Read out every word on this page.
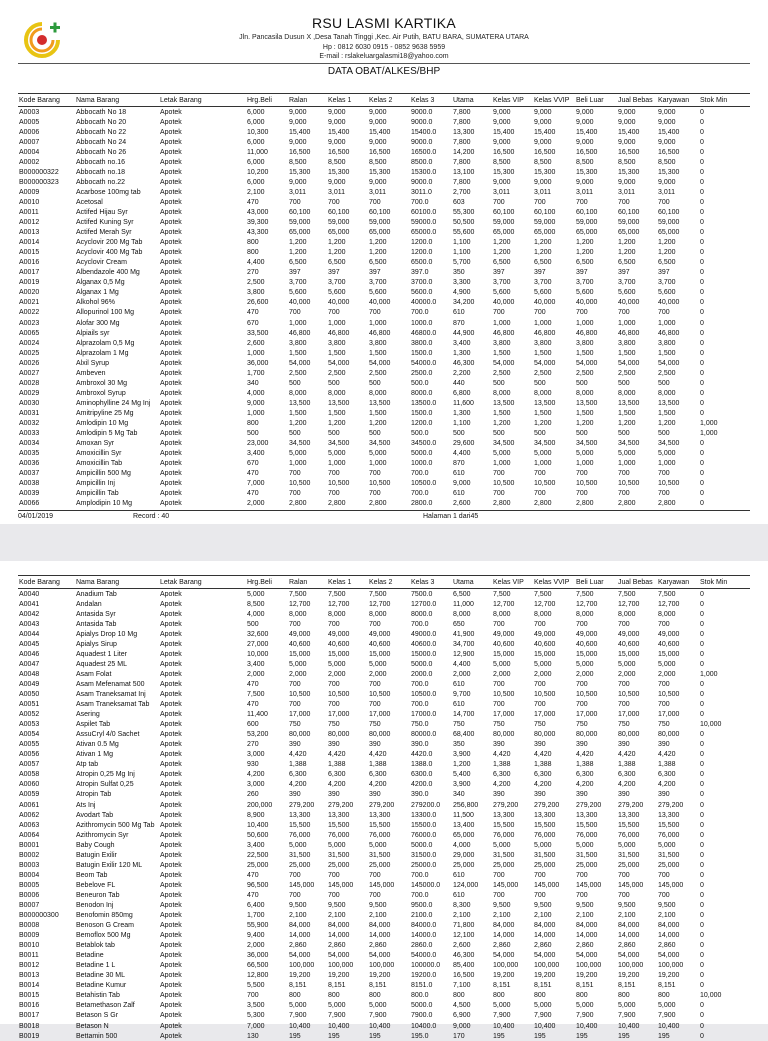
RSU LASMI KARTIKA
Jln. Pancasila Dusun X ,Desa Tanah Tinggi ,Kec. Air Putih, BATU BARA, SUMATERA UTARA
Hp : 0812 6030 0915 - 0852 9638 5959
E-mail : rslakeluargalasmi18@yahoo.com
DATA OBAT/ALKES/BHP
Kode Barang	Nama Barang	Letak Barang	Hrg.Beli	Ralan	Kelas 1	Kelas 2	Kelas 3	Utama	Kelas VIP	Kelas VVIP	Beli Luar	Jual Bebas	Karyawan	Stok Min
A0003	Abbocath No 18	Apotek	6,000	9,000	9,000	9,000	9000.0	7,800	9,000	9,000	9,000	9,000	9,000	0
A0005	Abbocath No 20	Apotek	6,000	9,000	9,000	9,000	9000.0	7,800	9,000	9,000	9,000	9,000	9,000	0
A0006	Abbocath No 22	Apotek	10,300	15,400	15,400	15,400	15400.0	13,300	15,400	15,400	15,400	15,400	15,400	0
A0007	Abbocath No 24	Apotek	6,000	9,000	9,000	9,000	9000.0	7,800	9,000	9,000	9,000	9,000	9,000	0
A0004	Abbocath No 26	Apotek	11,000	16,500	16,500	16,500	16500.0	14,200	16,500	16,500	16,500	16,500	16,500	0
A0002	Abbocath no.16	Apotek	6,000	8,500	8,500	8,500	8500.0	7,800	8,500	8,500	8,500	8,500	8,500	0
B000000322	Abbocath no.18	Apotek	10,200	15,300	15,300	15,300	15300.0	13,100	15,300	15,300	15,300	15,300	15,300	0
B000000323	Abbocath no.22	Apotek	6,000	9,000	9,000	9,000	9000.0	7,800	9,000	9,000	9,000	9,000	9,000	0
A0009	Acarbose 100mg tab	Apotek	2,100	3,011	3,011	3,011	3011.0	2,700	3,011	3,011	3,011	3,011	3,011	0
A0010	Acetosal	Apotek	470	700	700	700	700.0	603	700	700	700	700	700	0
A0011	Actifed Hijau Syr	Apotek	43,000	60,100	60,100	60,100	60100.0	55,300	60,100	60,100	60,100	60,100	60,100	0
A0012	Actifed Kuning Syr	Apotek	39,300	59,000	59,000	59,000	59000.0	50,500	59,000	59,000	59,000	59,000	59,000	0
A0013	Actifed Merah Syr	Apotek	43,300	65,000	65,000	65,000	65000.0	55,600	65,000	65,000	65,000	65,000	65,000	0
A0014	Acyclovir 200 Mg Tab	Apotek	800	1,200	1,200	1,200	1200.0	1,100	1,200	1,200	1,200	1,200	1,200	0
A0015	Acyclovir 400 Mg Tab	Apotek	800	1,200	1,200	1,200	1200.0	1,100	1,200	1,200	1,200	1,200	1,200	0
A0016	Acyclovir Cream	Apotek	4,400	6,500	6,500	6,500	6500.0	5,700	6,500	6,500	6,500	6,500	6,500	0
A0017	Albendazole 400 Mg	Apotek	270	397	397	397	397.0	350	397	397	397	397	397	0
A0019	Alganax 0,5 Mg	Apotek	2,500	3,700	3,700	3,700	3700.0	3,300	3,700	3,700	3,700	3,700	3,700	0
A0020	Alganax 1 Mg	Apotek	3,800	5,600	5,600	5,600	5600.0	4,900	5,600	5,600	5,600	5,600	5,600	0
A0021	Alkohol 96%	Apotek	26,600	40,000	40,000	40,000	40000.0	34,200	40,000	40,000	40,000	40,000	40,000	0
A0022	Allopurinol 100 Mg	Apotek	470	700	700	700	700.0	610	700	700	700	700	700	0
A0023	Alofar 300 Mg	Apotek	670	1,000	1,000	1,000	1000.0	870	1,000	1,000	1,000	1,000	1,000	0
A0065	Alpiails syr	Apotek	33,500	46,800	46,800	46,800	46800.0	44,900	46,800	46,800	46,800	46,800	46,800	0
A0024	Alprazolam 0,5 Mg	Apotek	2,600	3,800	3,800	3,800	3800.0	3,400	3,800	3,800	3,800	3,800	3,800	0
A0025	Alprazolam 1 Mg	Apotek	1,000	1,500	1,500	1,500	1500.0	1,300	1,500	1,500	1,500	1,500	1,500	0
A0026	Alxil Syrup	Apotek	36,000	54,000	54,000	54,000	54000.0	46,300	54,000	54,000	54,000	54,000	54,000	0
A0027	Ambeven	Apotek	1,700	2,500	2,500	2,500	2500.0	2,200	2,500	2,500	2,500	2,500	2,500	0
A0028	Ambroxol 30 Mg	Apotek	340	500	500	500	500.0	440	500	500	500	500	500	0
A0029	Ambroxol Syrup	Apotek	4,000	8,000	8,000	8,000	8000.0	6,800	8,000	8,000	8,000	8,000	8,000	0
A0030	Aminophylline 24 Mg Inj	Apotek	9,000	13,500	13,500	13,500	13500.0	11,600	13,500	13,500	13,500	13,500	13,500	0
A0031	Amitripyline 25 Mg	Apotek	1,000	1,500	1,500	1,500	1500.0	1,300	1,500	1,500	1,500	1,500	1,500	0
A0032	Amlodipin 10 Mg	Apotek	800	1,200	1,200	1,200	1200.0	1,100	1,200	1,200	1,200	1,200	1,200	1,000
A0033	Amlodipin 5 Mg Tab	Apotek	500	500	500	500	500.0	500	500	500	500	500	500	1,000
A0034	Amoxan Syr	Apotek	23,000	34,500	34,500	34,500	34500.0	29,600	34,500	34,500	34,500	34,500	34,500	0
A0035	Amoxicillin Syr	Apotek	3,400	5,000	5,000	5,000	5000.0	4,400	5,000	5,000	5,000	5,000	5,000	0
A0036	Amoxicillin Tab	Apotek	670	1,000	1,000	1,000	1000.0	870	1,000	1,000	1,000	1,000	1,000	0
A0037	Ampicillin 500 Mg	Apotek	470	700	700	700	700.0	610	700	700	700	700	700	0
A0038	Ampicillin Inj	Apotek	7,000	10,500	10,500	10,500	10500.0	9,000	10,500	10,500	10,500	10,500	10,500	0
A0039	Ampicillin Tab	Apotek	470	700	700	700	700.0	610	700	700	700	700	700	0
A0066	Amplodipin 10 Mg	Apotek	2,000	2,800	2,800	2,800	2800.0	2,600	2,800	2,800	2,800	2,800	2,800	0
04/01/2019	Record : 40	Halaman 1 dari45
Kode Barang	Nama Barang	Letak Barang	Hrg.Beli	Ralan	Kelas 1	Kelas 2	Kelas 3	Utama	Kelas VIP	Kelas VVIP	Beli Luar	Jual Bebas	Karyawan	Stok Min
A0040	Anadium Tab	Apotek	5,000	7,500	7,500	7,500	7500.0	6,500	7,500	7,500	7,500	7,500	7,500	0
A0041	Andalan	Apotek	8,500	12,700	12,700	12,700	12700.0	11,000	12,700	12,700	12,700	12,700	12,700	0
A0042	Antasida Syr	Apotek	4,000	8,000	8,000	8,000	8000.0	8,000	8,000	8,000	8,000	8,000	8,000	0
A0043	Antasida Tab	Apotek	500	700	700	700	700.0	650	700	700	700	700	700	0
A0044	Apialys Drop 10 Mg	Apotek	32,600	49,000	49,000	49,000	49000.0	41,900	49,000	49,000	49,000	49,000	49,000	0
A0045	Apialys Sirup	Apotek	27,000	40,600	40,600	40,600	40600.0	34,700	40,600	40,600	40,600	40,600	40,600	0
A0046	Aquadest 1 Liter	Apotek	10,000	15,000	15,000	15,000	15000.0	12,900	15,000	15,000	15,000	15,000	15,000	0
A0047	Aquadest 25 ML	Apotek	3,400	5,000	5,000	5,000	5000.0	4,400	5,000	5,000	5,000	5,000	5,000	0
A0048	Asam Folat	Apotek	2,000	2,000	2,000	2,000	2000.0	2,000	2,000	2,000	2,000	2,000	2,000	1,000
A0049	Asam Mefenamat 500	Apotek	470	700	700	700	700.0	610	700	700	700	700	700	0
A0050	Asam Traneksamat Inj	Apotek	7,500	10,500	10,500	10,500	10500.0	9,700	10,500	10,500	10,500	10,500	10,500	0
A0051	Asam Traneksamat Tab	Apotek	470	700	700	700	700.0	610	700	700	700	700	700	0
A0052	Asering	Apotek	11,400	17,000	17,000	17,000	17000.0	14,700	17,000	17,000	17,000	17,000	17,000	0
A0053	Aspilet Tab	Apotek	600	750	750	750	750.0	750	750	750	750	750	750	10,000
A0054	AssuCryl 4/0 Sachet	Apotek	53,200	80,000	80,000	80,000	80000.0	68,400	80,000	80,000	80,000	80,000	80,000	0
A0055	Ativan 0.5 Mg	Apotek	270	390	390	390	390.0	350	390	390	390	390	390	0
A0056	Ativan 1 Mg	Apotek	3,000	4,420	4,420	4,420	4420.0	3,900	4,420	4,420	4,420	4,420	4,420	0
A0057	Atp tab	Apotek	930	1,388	1,388	1,388	1388.0	1,200	1,388	1,388	1,388	1,388	1,388	0
A0058	Atropin 0,25 Mg Inj	Apotek	4,200	6,300	6,300	6,300	6300.0	5,400	6,300	6,300	6,300	6,300	6,300	0
A0060	Atropin Sulfat 0,25	Apotek	3,000	4,200	4,200	4,200	4200.0	3,900	4,200	4,200	4,200	4,200	4,200	0
A0059	Atropin Tab	Apotek	260	390	390	390	390.0	340	390	390	390	390	390	0
A0061	Ats Inj	Apotek	200,000	279,200	279,200	279,200	279200.0	256,800	279,200	279,200	279,200	279,200	279,200	0
A0062	Avodart Tab	Apotek	8,900	13,300	13,300	13,300	13300.0	11,500	13,300	13,300	13,300	13,300	13,300	0
A0063	Azithromycin 500 Mg Tab	Apotek	10,400	15,500	15,500	15,500	15500.0	13,400	15,500	15,500	15,500	15,500	15,500	0
A0064	Azithromycin Syr	Apotek	50,600	76,000	76,000	76,000	76000.0	65,000	76,000	76,000	76,000	76,000	76,000	0
B0001	Baby Cough	Apotek	3,400	5,000	5,000	5,000	5000.0	4,000	5,000	5,000	5,000	5,000	5,000	0
B0002	Batugin Exilir	Apotek	22,500	31,500	31,500	31,500	31500.0	29,000	31,500	31,500	31,500	31,500	31,500	0
B0003	Batugin Exilir 120 ML	Apotek	25,000	25,000	25,000	25,000	25000.0	25,000	25,000	25,000	25,000	25,000	25,000	0
B0004	Beom Tab	Apotek	470	700	700	700	700.0	610	700	700	700	700	700	0
B0005	Bebelove FL	Apotek	96,500	145,000	145,000	145,000	145000.0	124,000	145,000	145,000	145,000	145,000	145,000	0
B0006	Beneuron Tab	Apotek	470	700	700	700	700.0	610	700	700	700	700	700	0
B0007	Benodon Inj	Apotek	6,400	9,500	9,500	9,500	9500.0	8,300	9,500	9,500	9,500	9,500	9,500	0
B000000300	Benofomin 850mg	Apotek	1,700	2,100	2,100	2,100	2100.0	2,100	2,100	2,100	2,100	2,100	2,100	0
B0008	Benoson G Cream	Apotek	55,900	84,000	84,000	84,000	84000.0	71,800	84,000	84,000	84,000	84,000	84,000	0
B0009	Bemoflox 500 Mg	Apotek	9,400	14,000	14,000	14,000	14000.0	12,100	14,000	14,000	14,000	14,000	14,000	0
B0010	Betablok tab	Apotek	2,000	2,860	2,860	2,860	2860.0	2,600	2,860	2,860	2,860	2,860	2,860	0
B0011	Betadine	Apotek	36,000	54,000	54,000	54,000	54000.0	46,300	54,000	54,000	54,000	54,000	54,000	0
B0012	Betadine 1 L	Apotek	66,500	100,000	100,000	100,000	100000.0	85,400	100,000	100,000	100,000	100,000	100,000	0
B0013	Betadine 30 ML	Apotek	12,800	19,200	19,200	19,200	19200.0	16,500	19,200	19,200	19,200	19,200	19,200	0
B0014	Betadine Kumur	Apotek	5,500	8,151	8,151	8,151	8151.0	7,100	8,151	8,151	8,151	8,151	8,151	0
B0015	Betahistin Tab	Apotek	700	800	800	800	800.0	800	800	800	800	800	800	10,000
B0016	Betamethason Zalf	Apotek	3,500	5,000	5,000	5,000	5000.0	4,500	5,000	5,000	5,000	5,000	5,000	0
B0017	Betason S Gr	Apotek	5,300	7,900	7,900	7,900	7900.0	6,900	7,900	7,900	7,900	7,900	7,900	0
B0018	Betason N	Apotek	7,000	10,400	10,400	10,400	10400.0	9,000	10,400	10,400	10,400	10,400	10,400	0
B0019	Bettamin 500	Apotek	130	195	195	195	195.0	170	195	195	195	195	195	0
